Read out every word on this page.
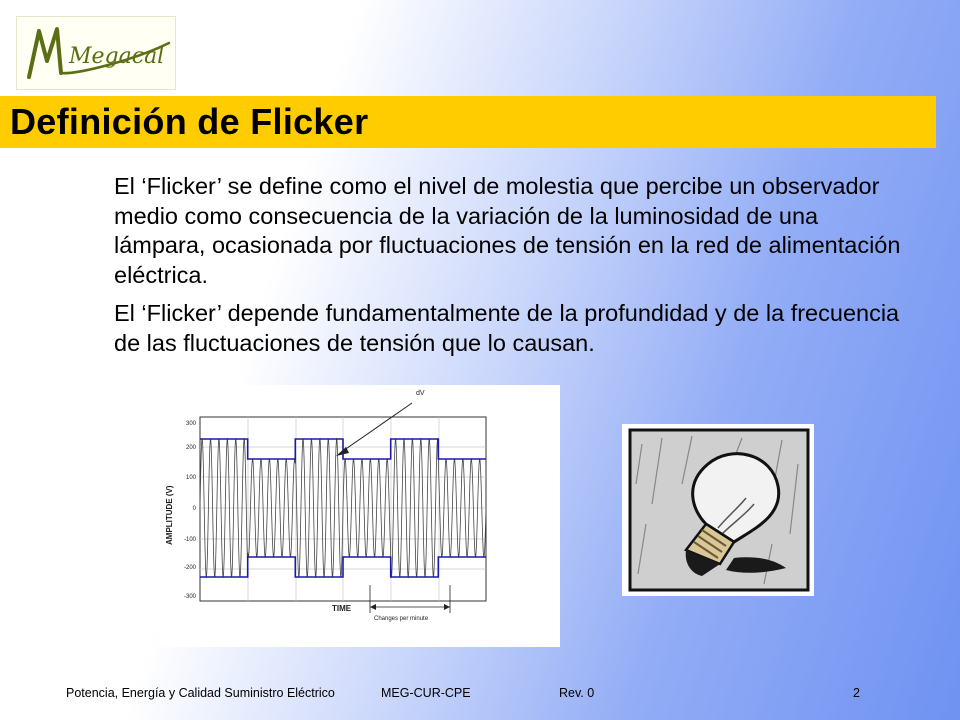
Megacal
Definición de Flicker

El ‘Flicker’ se define como el nivel de molestia que percibe un observador medio como consecuencia de la variación de la luminosidad de una lámpara, ocasionada por fluctuaciones de tensión en la red de alimentación eléctrica.

El ‘Flicker’ depende fundamentalmente de la profundidad y de la frecuencia de las fluctuaciones de tensión que lo causan.

300
200
100
0
-100
-200
-300
AMPLITUDE (V)
dV
TIME
Changes per minute
Potencia, Energía y Calidad Suministro Eléctrico	MEG-CUR-CPE	Rev. 0	2
